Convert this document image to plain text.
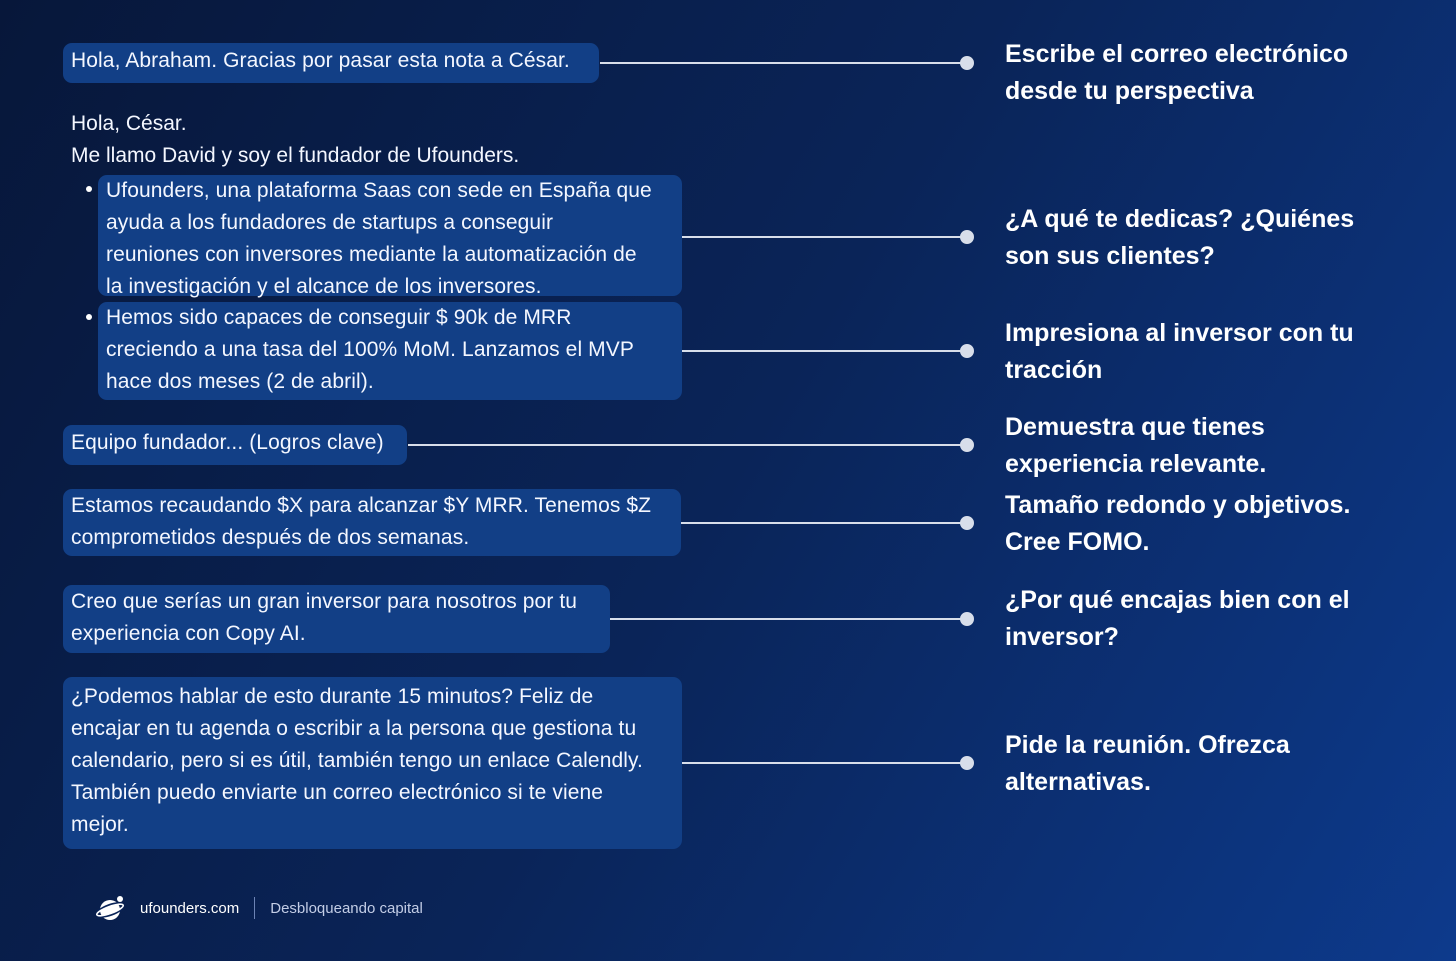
Hola, Abraham. Gracias por pasar esta nota a César.
Hola, César.
Me llamo David y soy el fundador de Ufounders.
Ufounders, una plataforma Saas con sede en España que
ayuda a los fundadores de startups a conseguir
reuniones con inversores mediante la automatización de
la investigación y el alcance de los inversores.
Hemos sido capaces de conseguir $ 90k de MRR
creciendo a una tasa del 100% MoM. Lanzamos el MVP
hace dos meses (2 de abril).
Equipo fundador... (Logros clave)
Estamos recaudando $X para alcanzar $Y MRR. Tenemos $Z
comprometidos después de dos semanas.
Creo que serías un gran inversor para nosotros por tu
experiencia con Copy AI.
¿Podemos hablar de esto durante 15 minutos? Feliz de
encajar en tu agenda o escribir a la persona que gestiona tu
calendario, pero si es útil, también tengo un enlace Calendly.
También puedo enviarte un correo electrónico si te viene
mejor.
Escribe el correo electrónico
desde tu perspectiva
¿A qué te dedicas? ¿Quiénes
son sus clientes?
Impresiona al inversor con tu
tracción
Demuestra que tienes
experiencia relevante.
Tamaño redondo y objetivos.
Cree FOMO.
¿Por qué encajas bien con el
inversor?
Pide la reunión. Ofrezca
alternativas.
ufounders.com Desbloqueando capital
